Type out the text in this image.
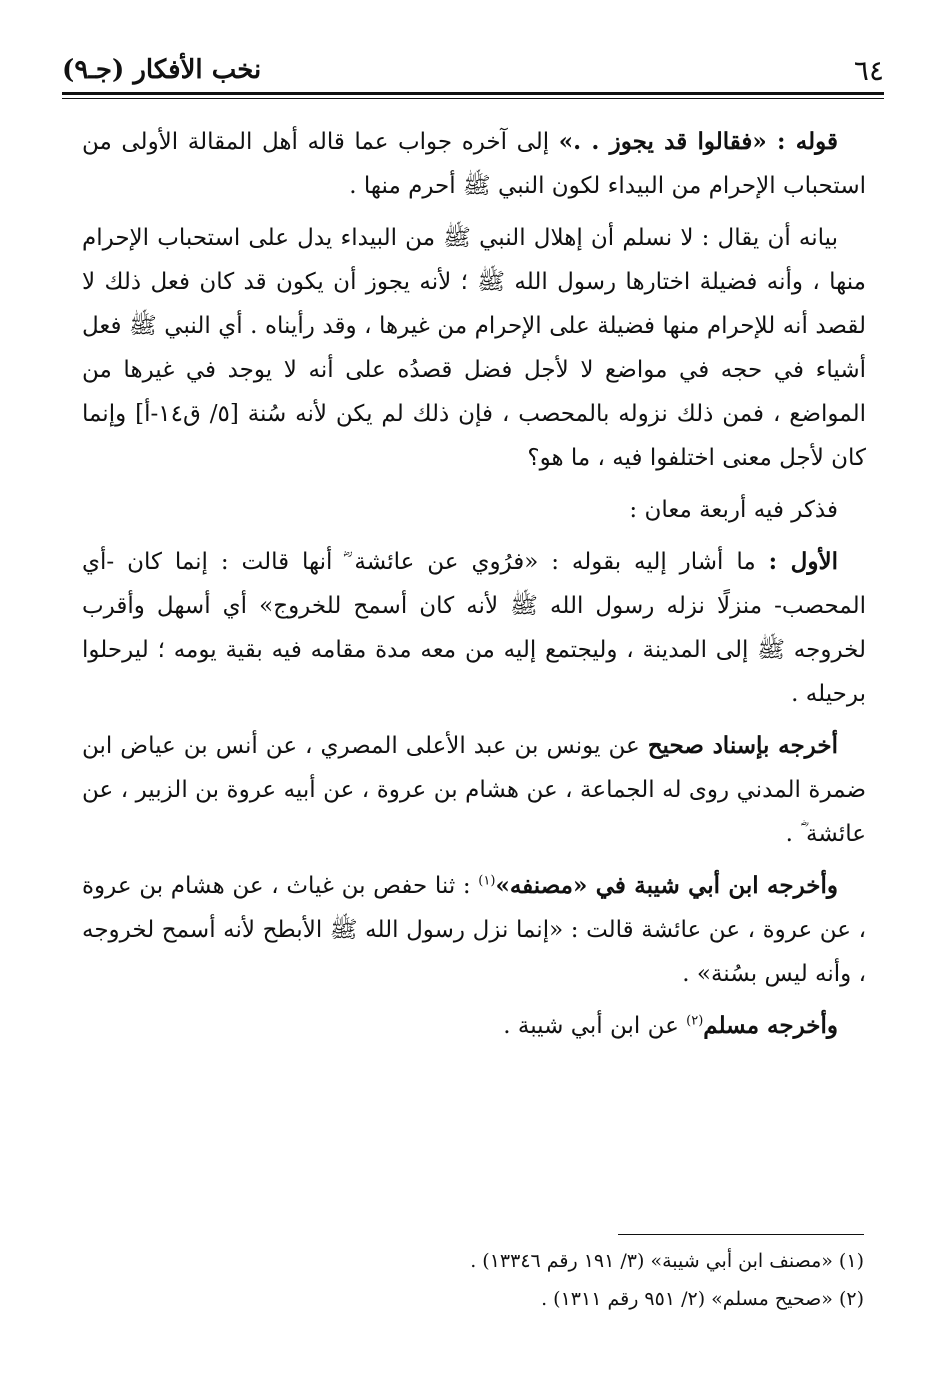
٦٤
نخب الأفكار (جـ٩)

قوله : «فقالوا قد يجوز . .» إلى آخره جواب عما قاله أهل المقالة الأولى من استحباب الإحرام من البيداء لكون النبي ﷺ أحرم منها .

بيانه أن يقال : لا نسلم أن إهلال النبي ﷺ من البيداء يدل على استحباب الإحرام منها ، وأنه فضيلة اختارها رسول الله ﷺ ؛ لأنه يجوز أن يكون قد كان فعل ذلك لا لقصد أنه للإحرام منها فضيلة على الإحرام من غيرها ، وقد رأيناه . أي النبي ﷺ فعل أشياء في حجه في مواضع لا لأجل فضل قصدُه على أنه لا يوجد في غيرها من المواضع ، فمن ذلك نزوله بالمحصب ، فإن ذلك لم يكن لأنه سُنة [٥/ ق١٤-أ] وإنما كان لأجل معنى اختلفوا فيه ، ما هو؟

فذكر فيه أربعة معان :

الأول : ما أشار إليه بقوله : «فرُوي عن عائشة ؓ أنها قالت : إنما كان -أي المحصب- منزلًا نزله رسول الله ﷺ لأنه كان أسمح للخروج» أي أسهل وأقرب لخروجه ﷺ إلى المدينة ، وليجتمع إليه من معه مدة مقامه فيه بقية يومه ؛ ليرحلوا برحيله .

أخرجه بإسناد صحيح عن يونس بن عبد الأعلى المصري ، عن أنس بن عياض ابن ضمرة المدني روى له الجماعة ، عن هشام بن عروة ، عن أبيه عروة بن الزبير ، عن عائشة ؓ .

وأخرجه ابن أبي شيبة في «مصنفه»$^{(١)}$ : ثنا حفص بن غياث ، عن هشام بن عروة ، عن عروة ، عن عائشة قالت : «إنما نزل رسول الله ﷺ الأبطح لأنه أسمح لخروجه ، وأنه ليس بسُنة» .

وأخرجه مسلم$^{(٢)}$ عن ابن أبي شيبة .

(١) «مصنف ابن أبي شيبة» (٣/ ١٩١ رقم ١٣٣٤٦) .

(٢) «صحيح مسلم» (٢/ ٩٥١ رقم ١٣١١) .
